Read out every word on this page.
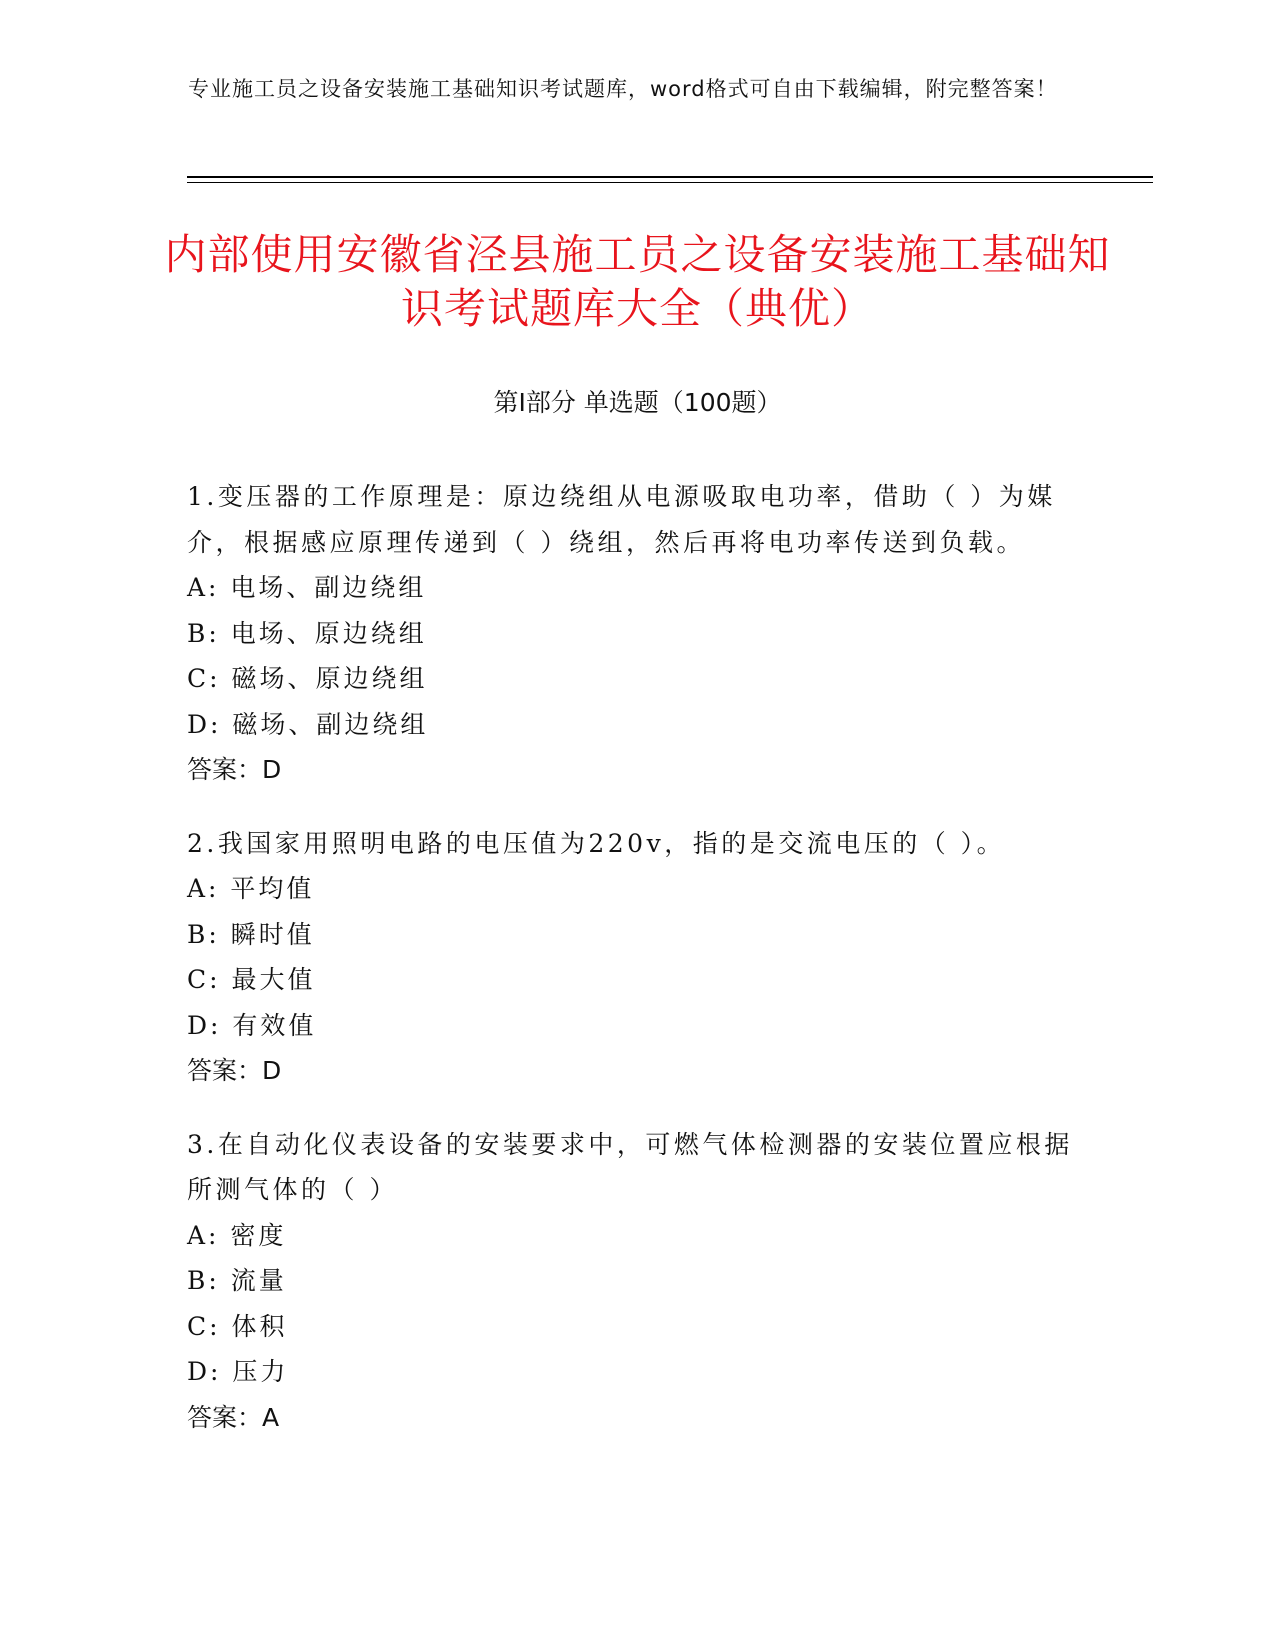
专业施工员之设备安装施工基础知识考试题库，word格式可自由下载编辑，附完整答案！
内部使用安徽省泾县施工员之设备安装施工基础知识考试题库大全（典优）
第Ⅰ部分 单选题（100题）
1.变压器的工作原理是：原边绕组从电源吸取电功率，借助（ ）为媒介，根据感应原理传递到（ ）绕组，然后再将电功率传送到负载。
A: 电场、副边绕组
B: 电场、原边绕组
C: 磁场、原边绕组
D: 磁场、副边绕组
答案：D
2.我国家用照明电路的电压值为220v，指的是交流电压的（ ）。
A: 平均值
B: 瞬时值
C: 最大值
D: 有效值
答案：D
3.在自动化仪表设备的安装要求中，可燃气体检测器的安装位置应根据所测气体的（ ）
A: 密度
B: 流量
C: 体积
D: 压力
答案：A
